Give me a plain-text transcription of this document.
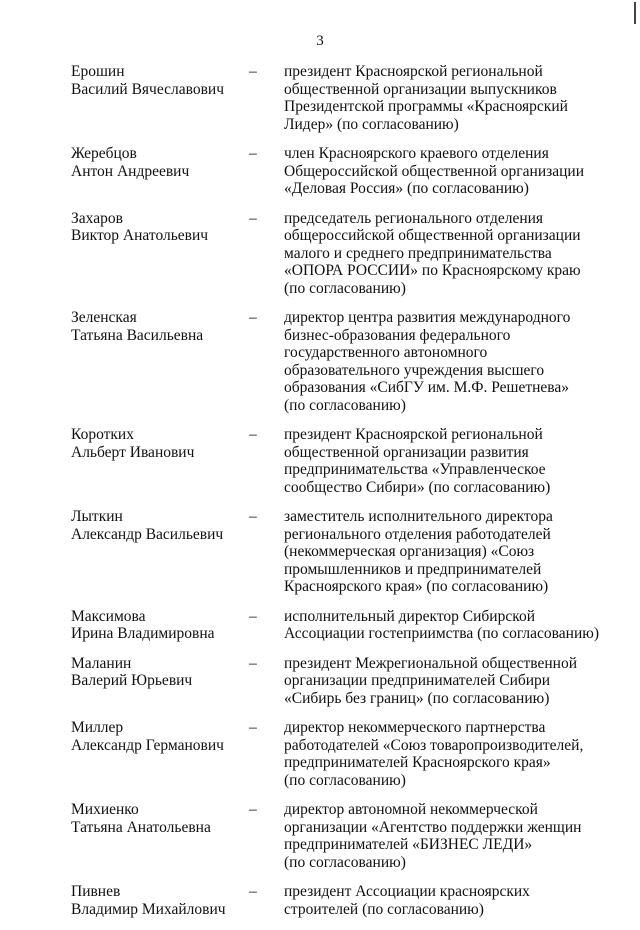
3
Ерошин
Василий Вячеславович
– президент Красноярской региональной
общественной организации выпускников
Президентской программы «Красноярский
Лидер» (по согласованию)
Жеребцов
Антон Андреевич
– член Красноярского краевого отделения
Общероссийской общественной организации
«Деловая Россия» (по согласованию)
Захаров
Виктор Анатольевич
– председатель регионального отделения
общероссийской общественной организации
малого и среднего предпринимательства
«ОПОРА РОССИИ» по Красноярскому краю
(по согласованию)
Зеленская
Татьяна Васильевна
– директор центра развития международного
бизнес-образования федерального
государственного автономного
образовательного учреждения высшего
образования «СибГУ им. М.Ф. Решетнева»
(по согласованию)
Коротких
Альберт Иванович
– президент Красноярской региональной
общественной организации развития
предпринимательства «Управленческое
сообщество Сибири» (по согласованию)
Лыткин
Александр Васильевич
– заместитель исполнительного директора
регионального отделения работодателей
(некоммерческая организация) «Союз
промышленников и предпринимателей
Красноярского края» (по согласованию)
Максимова
Ирина Владимировна
– исполнительный директор Сибирской
Ассоциации гостеприимства (по согласованию)
Маланин
Валерий Юрьевич
– президент Межрегиональной общественной
организации предпринимателей Сибири
«Сибирь без границ» (по согласованию)
Миллер
Александр Германович
– директор некоммерческого партнерства
работодателей «Союз товаропроизводителей,
предпринимателей Красноярского края»
(по согласованию)
Михиенко
Татьяна Анатольевна
– директор автономной некоммерческой
организации «Агентство поддержки женщин
предпринимателей «БИЗНЕС ЛЕДИ»
(по согласованию)
Пивнев
Владимир Михайлович
– президент Ассоциации красноярских
строителей (по согласованию)
